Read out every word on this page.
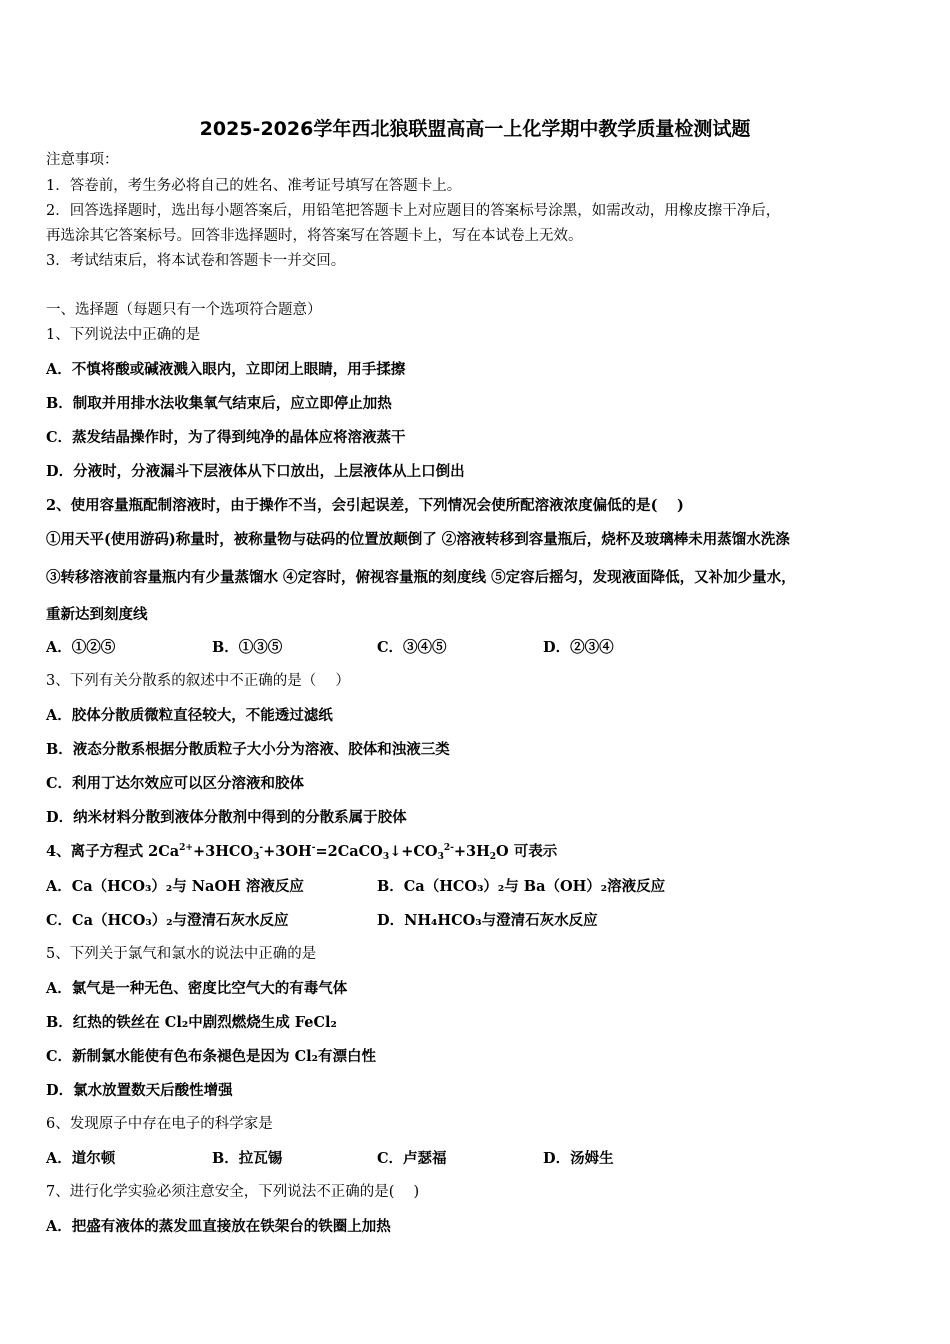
2025-2026学年西北狼联盟高高一上化学期中教学质量检测试题
注意事项：
1．答卷前，考生务必将自己的姓名、准考证号填写在答题卡上。
2．回答选择题时，选出每小题答案后，用铅笔把答题卡上对应题目的答案标号涂黑，如需改动，用橡皮擦干净后，
再选涂其它答案标号。回答非选择题时，将答案写在答题卡上，写在本试卷上无效。
3．考试结束后，将本试卷和答题卡一并交回。
一、选择题（每题只有一个选项符合题意）
1、下列说法中正确的是
A．不慎将酸或碱液溅入眼内，立即闭上眼睛，用手揉擦
B．制取并用排水法收集氧气结束后，应立即停止加热
C．蒸发结晶操作时，为了得到纯净的晶体应将溶液蒸干
D．分液时，分液漏斗下层液体从下口放出，上层液体从上口倒出
2、使用容量瓶配制溶液时，由于操作不当，会引起误差，下列情况会使所配溶液浓度偏低的是(　 )
①用天平(使用游码)称量时，被称量物与砝码的位置放颠倒了 ②溶液转移到容量瓶后，烧杯及玻璃棒未用蒸馏水洗涤
③转移溶液前容量瓶内有少量蒸馏水 ④定容时，俯视容量瓶的刻度线 ⑤定容后摇匀，发现液面降低，又补加少量水，
重新达到刻度线
A．①②⑤	B．①③⑤	C．③④⑤	D．②③④
3、下列有关分散系的叙述中不正确的是（　 ）
A．胶体分散质微粒直径较大，不能透过滤纸
B．液态分散系根据分散质粒子大小分为溶液、胶体和浊液三类
C．利用丁达尔效应可以区分溶液和胶体
D．纳米材料分散到液体分散剂中得到的分散系属于胶体
4、离子方程式 $2Ca^{2+}+3HCO_3^-+3OH^-=2CaCO_3↓+CO_3^{2-}+3H_2O$ 可表示
A．Ca（HCO₃）₂与 NaOH 溶液反应	B．Ca（HCO₃）₂与 Ba（OH）₂溶液反应
C．Ca（HCO₃）₂与澄清石灰水反应	D．NH₄HCO₃与澄清石灰水反应
5、下列关于氯气和氯水的说法中正确的是
A．氯气是一种无色、密度比空气大的有毒气体
B．红热的铁丝在 Cl₂中剧烈燃烧生成 FeCl₂
C．新制氯水能使有色布条褪色是因为 Cl₂有漂白性
D．氯水放置数天后酸性增强
6、发现原子中存在电子的科学家是
A．道尔顿	B．拉瓦锡	C．卢瑟福	D．汤姆生
7、进行化学实验必须注意安全，下列说法不正确的是(　 )
A．把盛有液体的蒸发皿直接放在铁架台的铁圈上加热
